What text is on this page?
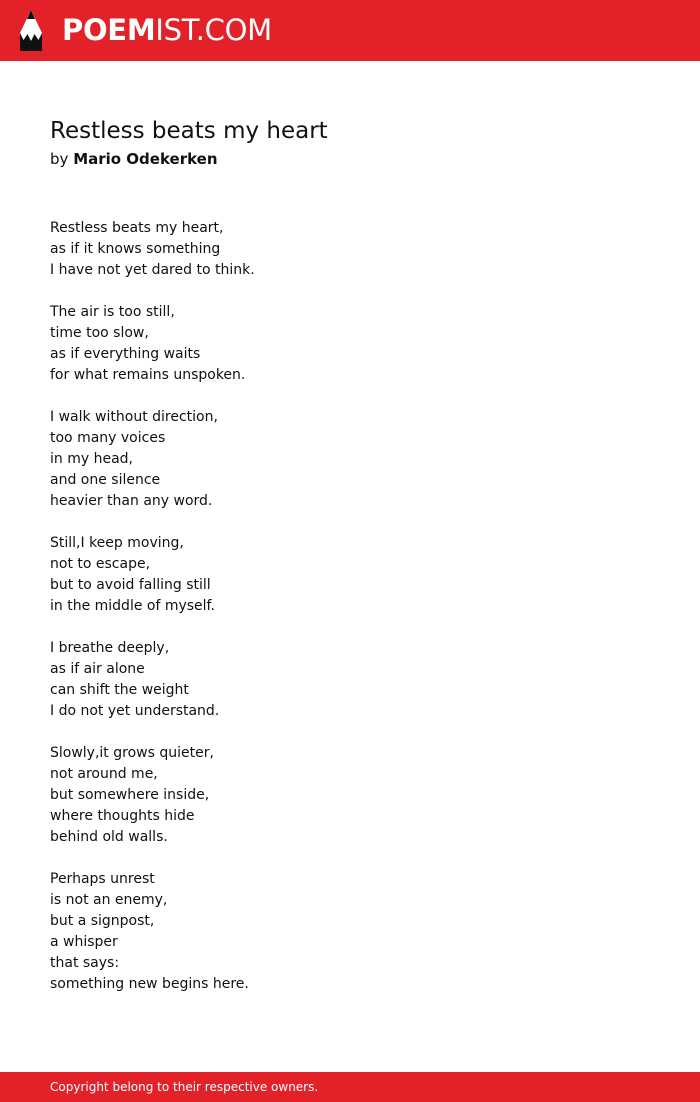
POEMIST.COM
Restless beats my heart
by Mario Odekerken
Restless beats my heart,
as if it knows something
I have not yet dared to think.
The air is too still,
time too slow,
as if everything waits
for what remains unspoken.
I walk without direction,
too many voices
in my head,
and one silence
heavier than any word.
Still,I keep moving,
not to escape,
but to avoid falling still
in the middle of myself.
I breathe deeply,
as if air alone
can shift the weight
I do not yet understand.
Slowly,it grows quieter,
not around me,
but somewhere inside,
where thoughts hide
behind old walls.
Perhaps unrest
is not an enemy,
but a signpost,
a whisper
that says:
something new begins here.
Copyright belong to their respective owners.
